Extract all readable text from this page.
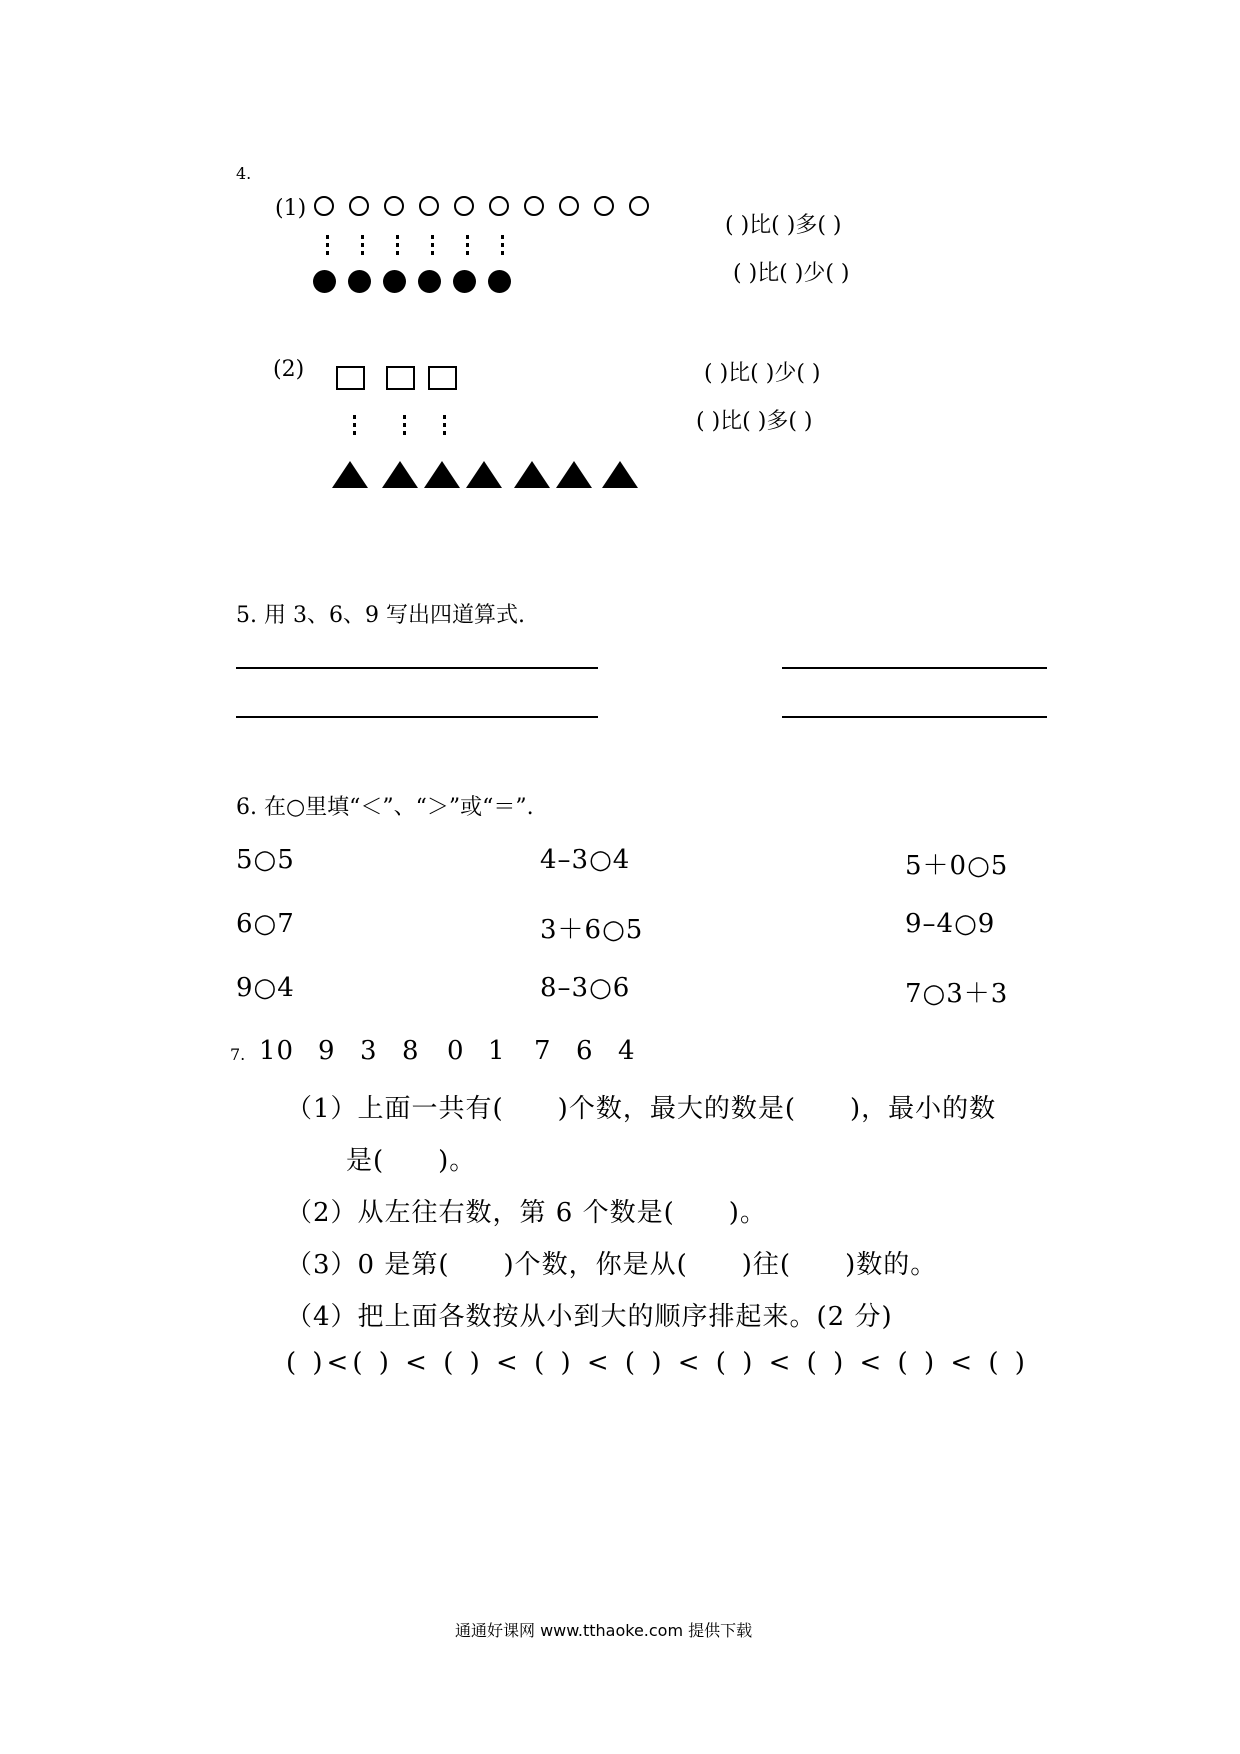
4.
(1)
( )比( )多( )
( )比( )少( )
(2)	( )比( )少( )
( )比( )多( )
5. 用 3、6、9 写出四道算式.
6. 在○里填“＜”、“＞”或“＝”.
5○5	4–3○4	5＋0○5
6○7	3＋6○5	9–4○9
9○4	8–3○6	7○3＋3
7. 10 9 3 8 0 1 7 6 4
（1）上面一共有(　　)个数，最大的数是(　　)，最小的数
是(　　)。
（2）从左往右数，第 6 个数是(　　)。
（3）0 是第(　　)个数，你是从(　　)往(　　)数的。
（4）把上面各数按从小到大的顺序排起来。(2 分)
( )<( ) < ( ) < ( ) < ( ) < ( ) < ( ) < ( ) < ( )
通通好课网 www.tthaoke.com 提供下载
